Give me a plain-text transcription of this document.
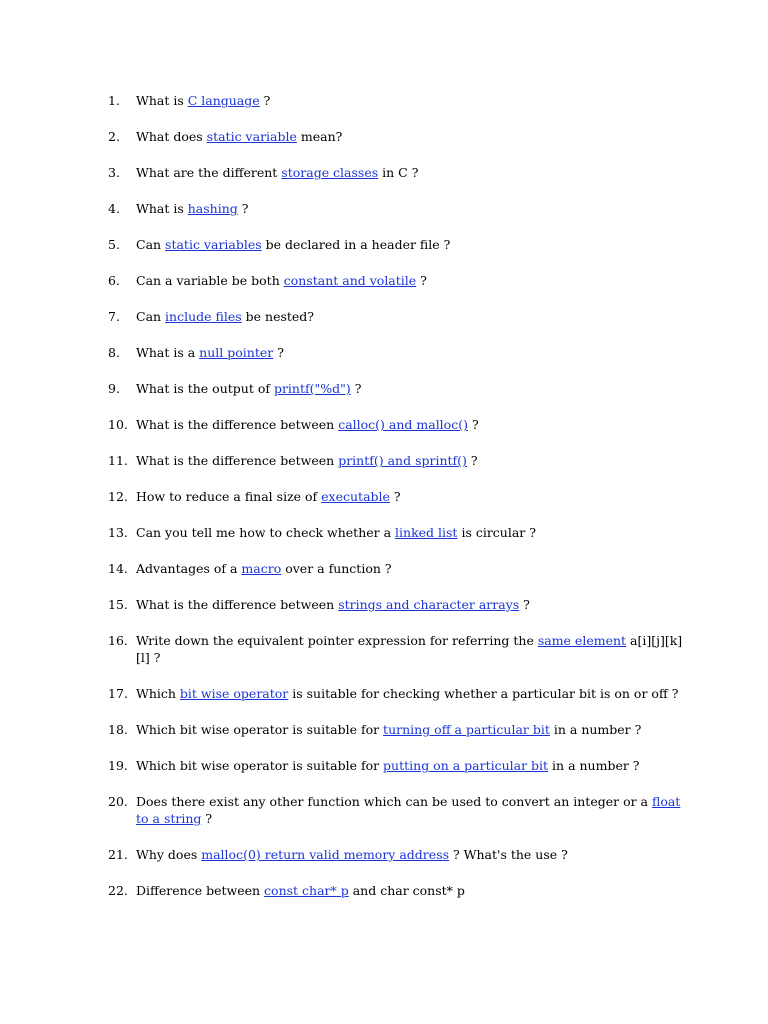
1.	What is C language ?
2.	What does static variable mean?
3.	What are the different storage classes in C ?
4.	What is hashing ?
5.	Can static variables be declared in a header file ?
6.	Can a variable be both constant and volatile ?
7.	Can include files be nested?
8.	What is a null pointer ?
9.	What is the output of printf("%d") ?
10. What is the difference between calloc() and malloc() ?
11. What is the difference between printf() and sprintf() ?
12. How to reduce a final size of executable ?
13. Can you tell me how to check whether a linked list is circular ?
14. Advantages of a macro over a function ?
15. What is the difference between strings and character arrays ?
16. Write down the equivalent pointer expression for referring the same element a[i][j][k][l] ?
17. Which bit wise operator is suitable for checking whether a particular bit is on or off ?
18. Which bit wise operator is suitable for turning off a particular bit in a number ?
19. Which bit wise operator is suitable for putting on a particular bit in a number ?
20. Does there exist any other function which can be used to convert an integer or a float to a string ?
21. Why does malloc(0) return valid memory address ? What's the use ?
22. Difference between const char* p and char const* p
